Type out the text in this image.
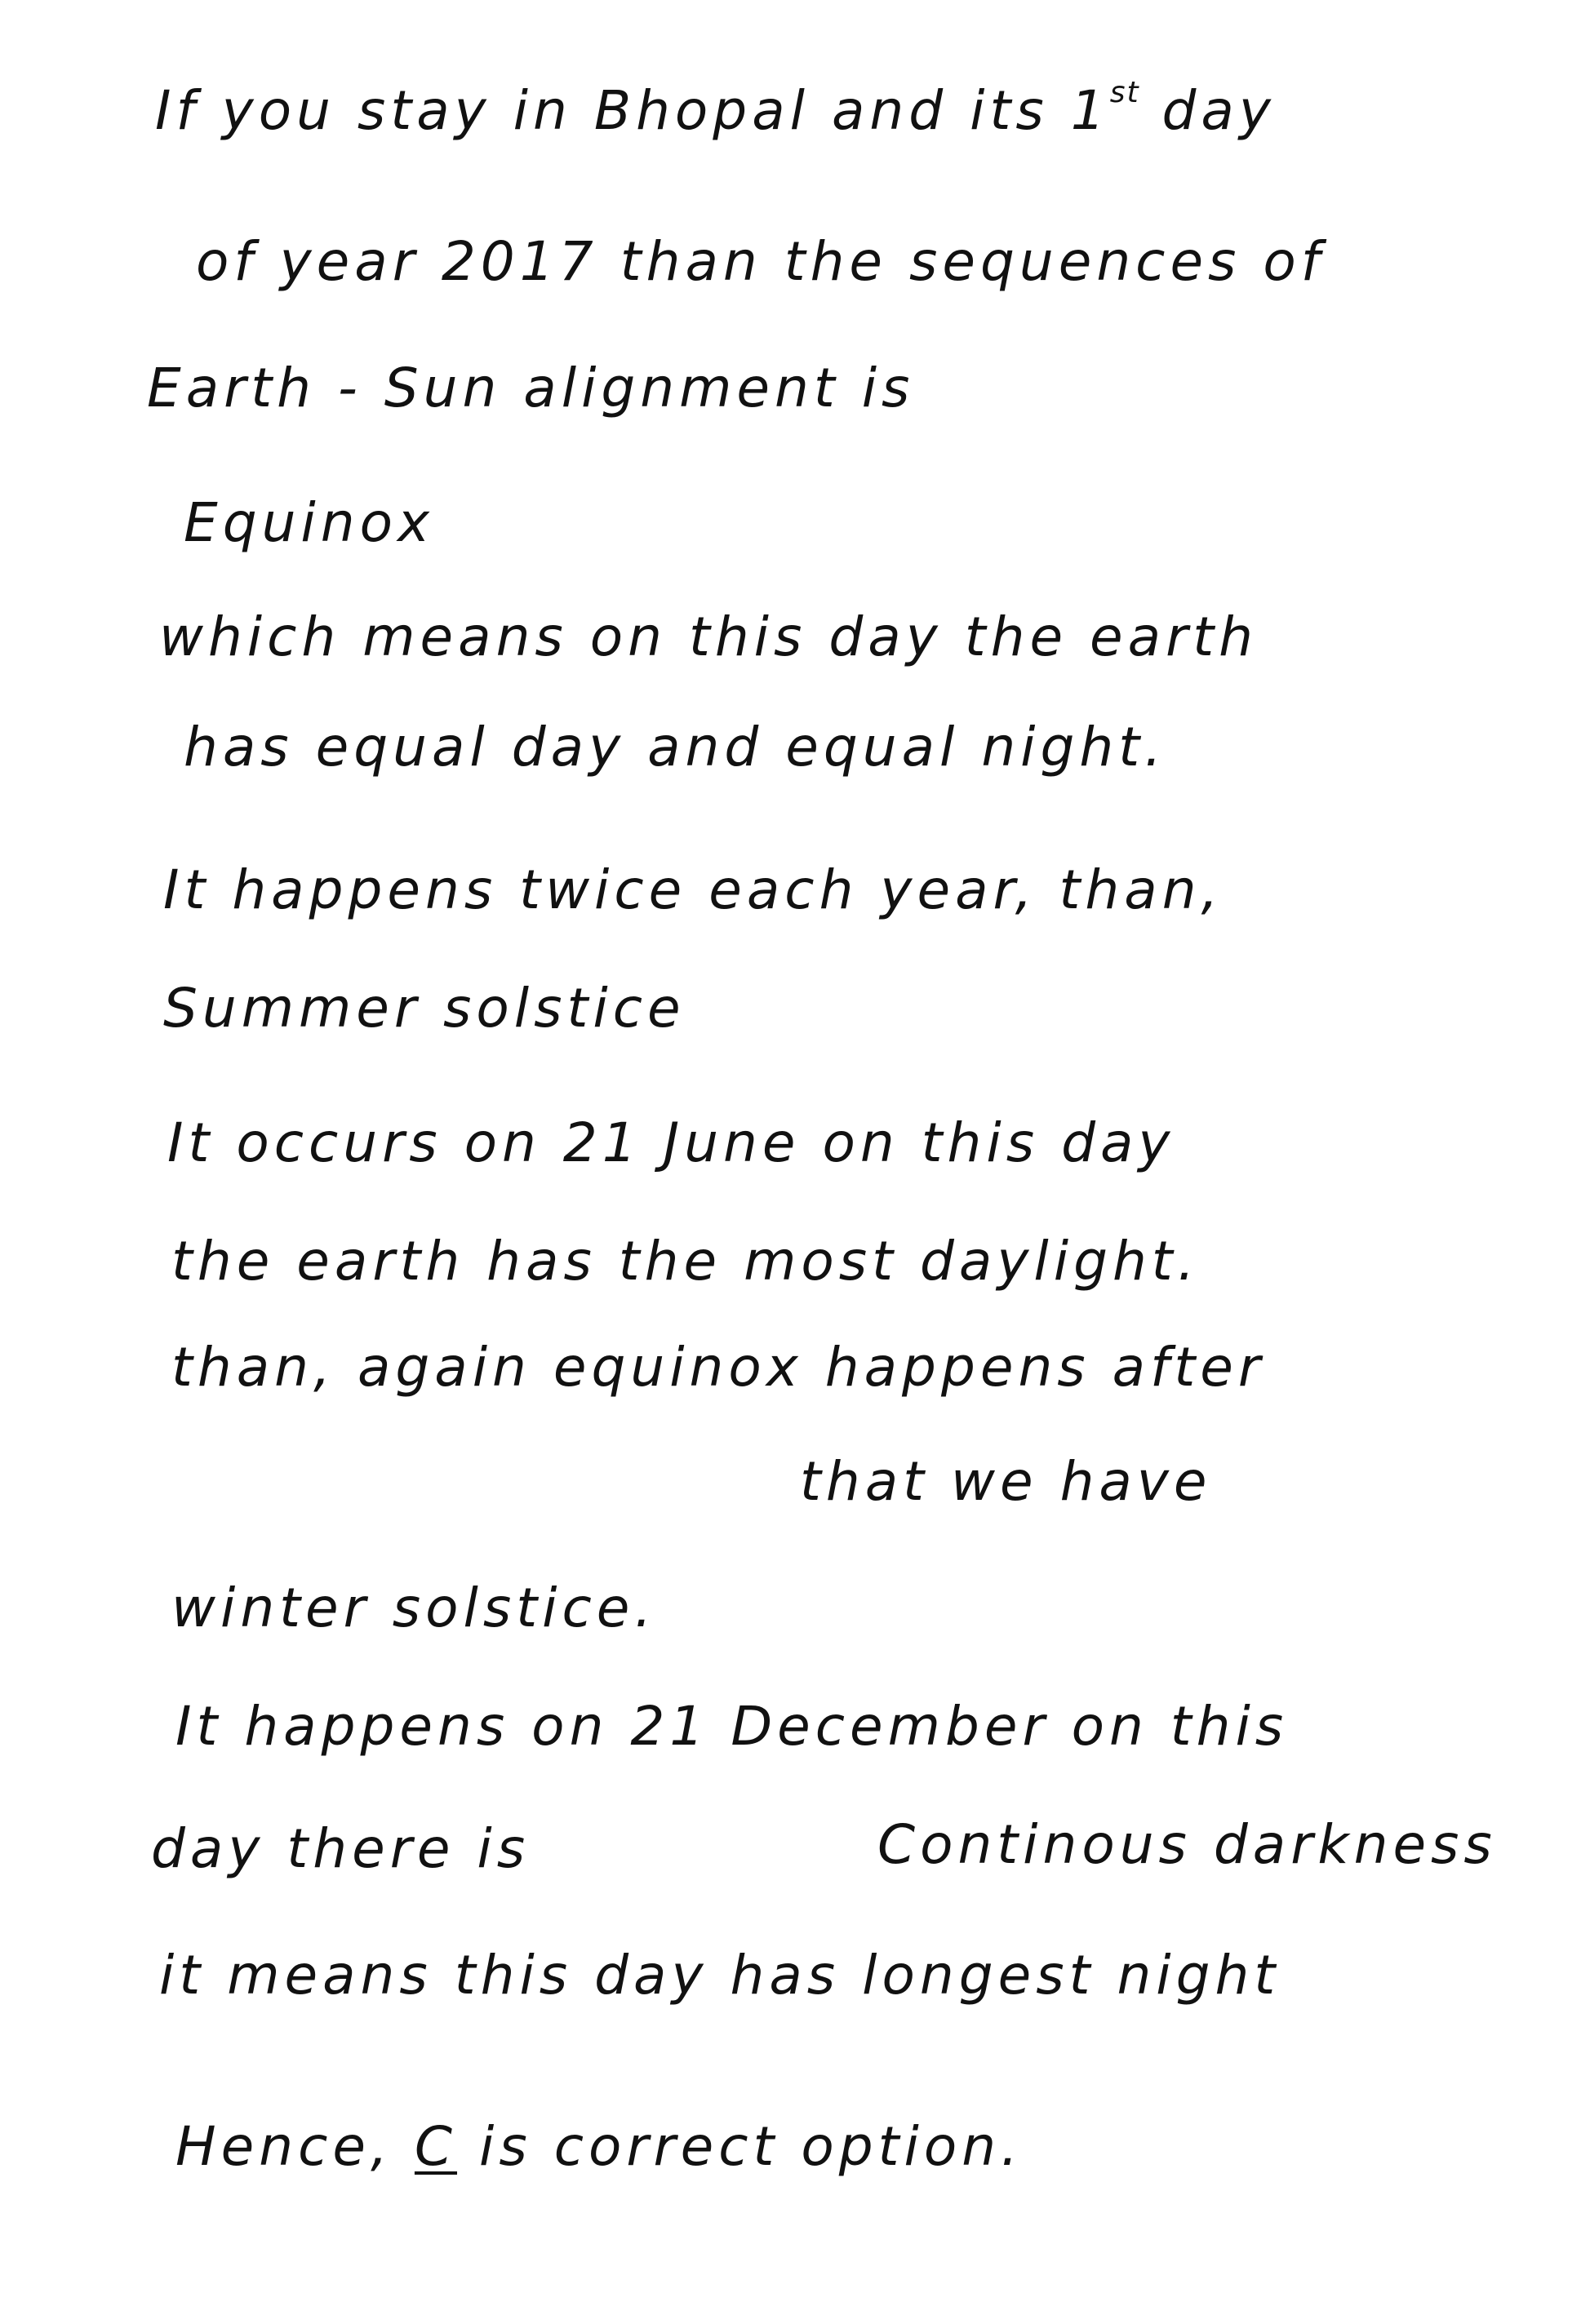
If you stay in Bhopal and its 1st day
of year 2017 than the sequences of
Earth - Sun alignment is
Equinox
which means on this day the earth
has equal day and equal night.
It happens twice each year, than,
Summer solstice
It occurs on 21 June on this day
the earth has the most daylight.
than, again equinox happens after
that we have
winter solstice.
It happens on 21 December on this
day there is	Continous darkness
it means this day has longest night
Hence, C is correct option.
